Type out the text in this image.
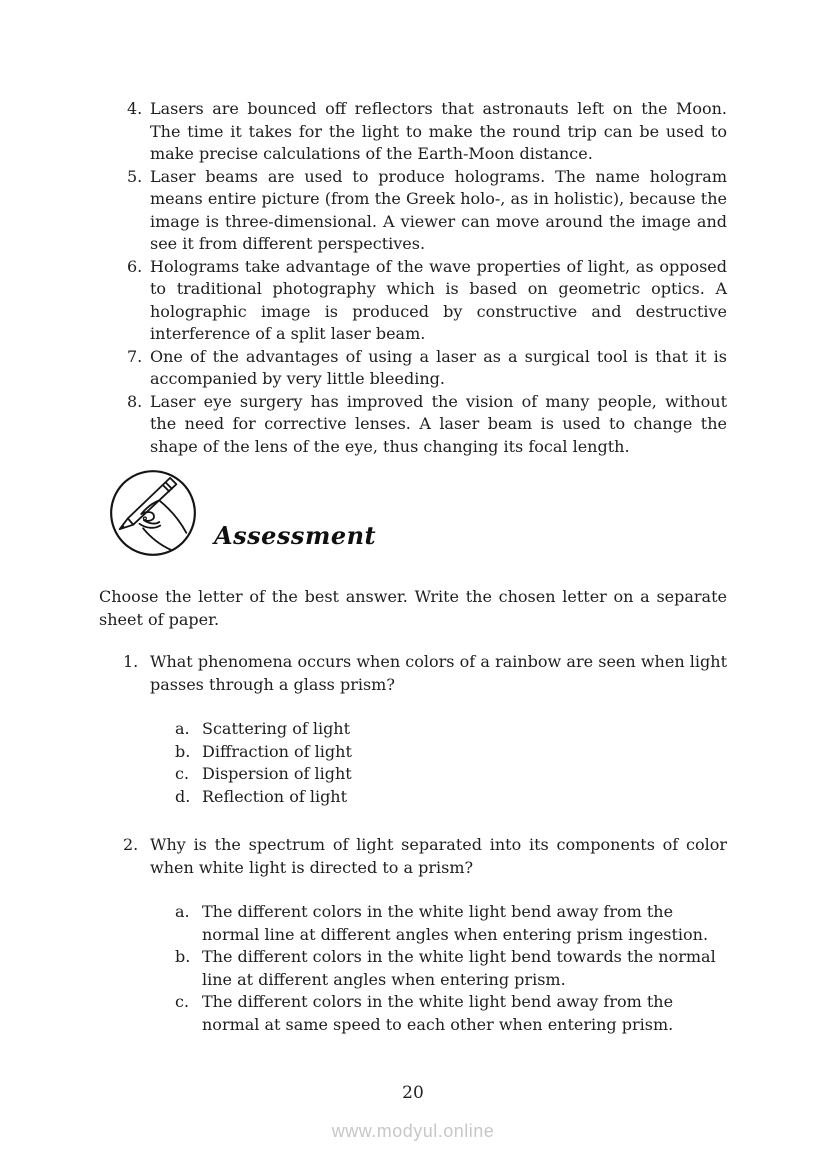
4. Lasers are bounced off reflectors that astronauts left on the Moon. The time it takes for the light to make the round trip can be used to make precise calculations of the Earth-Moon distance.
5. Laser beams are used to produce holograms. The name hologram means entire picture (from the Greek holo-, as in holistic), because the image is three-dimensional. A viewer can move around the image and see it from different perspectives.
6. Holograms take advantage of the wave properties of light, as opposed to traditional photography which is based on geometric optics. A holographic image is produced by constructive and destructive interference of a split laser beam.
7. One of the advantages of using a laser as a surgical tool is that it is accompanied by very little bleeding.
8. Laser eye surgery has improved the vision of many people, without the need for corrective lenses. A laser beam is used to change the shape of the lens of the eye, thus changing its focal length.
Assessment

Choose the letter of the best answer. Write the chosen letter on a separate sheet of paper.

1. What phenomena occurs when colors of a rainbow are seen when light passes through a glass prism?
a. Scattering of light
b. Diffraction of light
c. Dispersion of light
d. Reflection of light
2. Why is the spectrum of light separated into its components of color when white light is directed to a prism?
a. The different colors in the white light bend away from the normal line at different angles when entering prism ingestion.
b. The different colors in the white light bend towards the normal line at different angles when entering prism.
c. The different colors in the white light bend away from the normal at same speed to each other when entering prism.
20
www.modyul.online
